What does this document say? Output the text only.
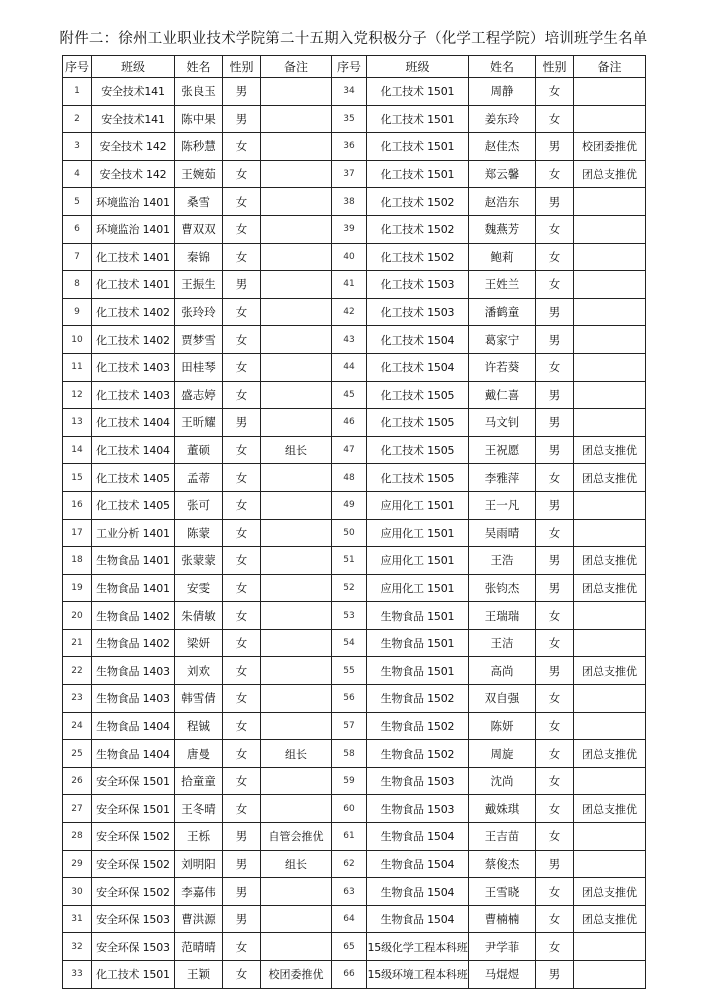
附件二：徐州工业职业技术学院第二十五期入党积极分子（化学工程学院）培训班学生名单
序号	班级	姓名	性别	备注	序号	班级	姓名	性别	备注
1	安全技术141	张良玉	男		34	化工技术 1501	周静	女	
2	安全技术141	陈中果	男		35	化工技术 1501	姜东玲	女	
3	安全技术 142	陈秒慧	女		36	化工技术 1501	赵佳杰	男	校团委推优
4	安全技术 142	王婉茹	女		37	化工技术 1501	郑云馨	女	团总支推优
5	环境监治 1401	桑雪	女		38	化工技术 1502	赵浩东	男	
6	环境监治 1401	曹双双	女		39	化工技术 1502	魏燕芳	女	
7	化工技术 1401	秦锦	女		40	化工技术 1502	鲍莉	女	
8	化工技术 1401	王振生	男		41	化工技术 1503	王姓兰	女	
9	化工技术 1402	张玲玲	女		42	化工技术 1503	潘鹤童	男	
10	化工技术 1402	贾梦雪	女		43	化工技术 1504	葛家宁	男	
11	化工技术 1403	田桂琴	女		44	化工技术 1504	许若葵	女	
12	化工技术 1403	盛志婷	女		45	化工技术 1505	戴仁喜	男	
13	化工技术 1404	王昕耀	男		46	化工技术 1505	马文钊	男	
14	化工技术 1404	董硕	女	组长	47	化工技术 1505	王祝愿	男	团总支推优
15	化工技术 1405	孟蒂	女		48	化工技术 1505	李雅萍	女	团总支推优
16	化工技术 1405	张可	女		49	应用化工 1501	王一凡	男	
17	工业分析 1401	陈蒙	女		50	应用化工 1501	吴雨晴	女	
18	生物食品 1401	张蒙蒙	女		51	应用化工 1501	王浩	男	团总支推优
19	生物食品 1401	安雯	女		52	应用化工 1501	张钧杰	男	团总支推优
20	生物食品 1402	朱倩敏	女		53	生物食品 1501	王瑞瑞	女	
21	生物食品 1402	梁妍	女		54	生物食品 1501	王洁	女	
22	生物食品 1403	刘欢	女		55	生物食品 1501	高尚	男	团总支推优
23	生物食品 1403	韩雪倩	女		56	生物食品 1502	双自强	女	
24	生物食品 1404	程铖	女		57	生物食品 1502	陈妍	女	
25	生物食品 1404	唐曼	女	组长	58	生物食品 1502	周旋	女	团总支推优
26	安全环保 1501	拾童童	女		59	生物食品 1503	沈尚	女	
27	安全环保 1501	王冬晴	女		60	生物食品 1503	戴姝琪	女	团总支推优
28	安全环保 1502	王栎	男	自管会推优	61	生物食品 1504	王吉苗	女	
29	安全环保 1502	刘明阳	男	组长	62	生物食品 1504	蔡俊杰	男	
30	安全环保 1502	李嘉伟	男		63	生物食品 1504	王雪晓	女	团总支推优
31	安全环保 1503	曹洪源	男		64	生物食品 1504	曹楠楠	女	团总支推优
32	安全环保 1503	范晴晴	女		65	15级化学工程本科班	尹学菲	女	
33	化工技术 1501	王颖	女	校团委推优	66	15级环境工程本科班	马焜煜	男	
